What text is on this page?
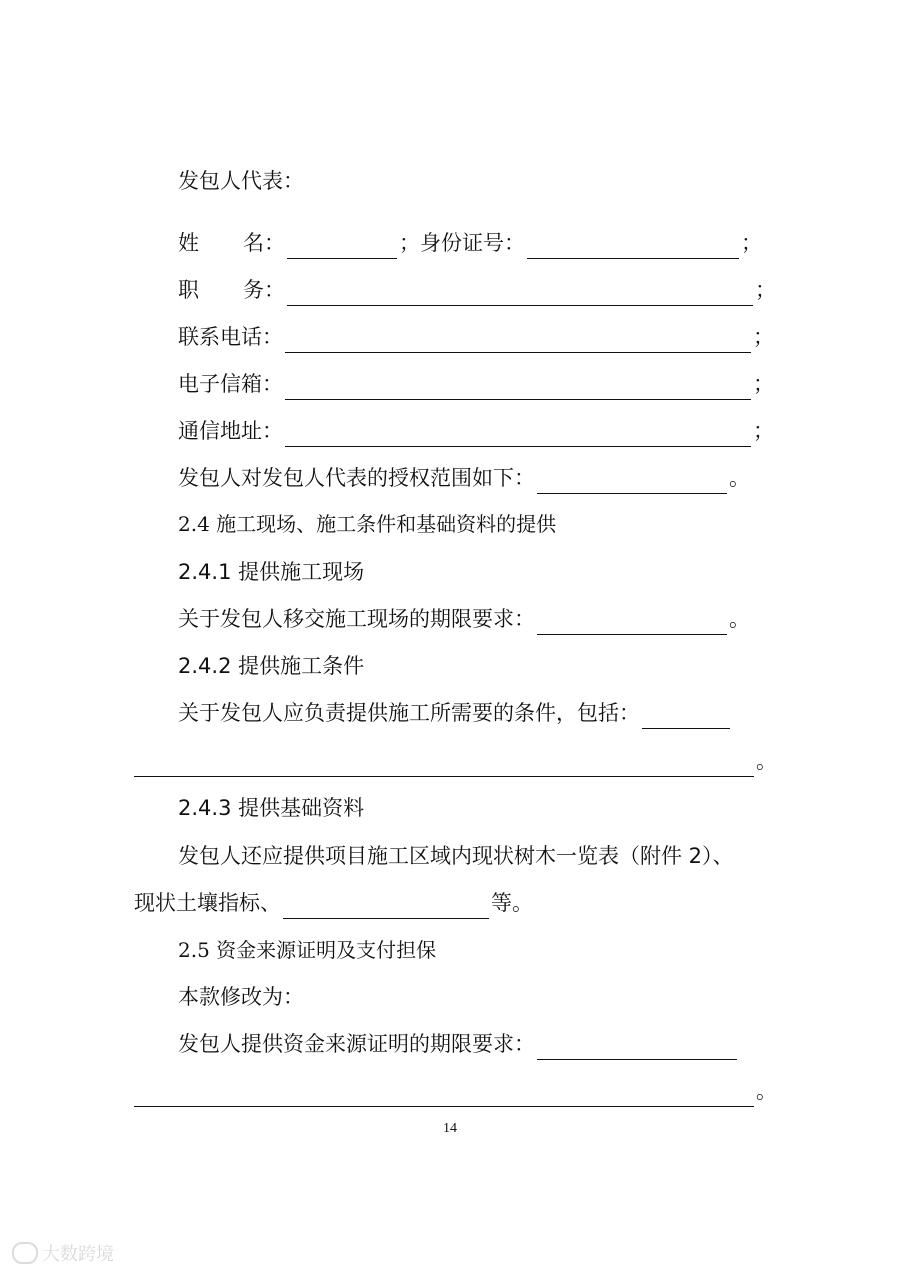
发包人代表：
姓 名：	； 身份证号：	；
职 务：	；
联系电话：	；
电子信箱：	；
通信地址：	；
发包人对发包人代表的授权范围如下：	。
2.4 施工现场、施工条件和基础资料的提供
2.4.1 提供施工现场
关于发包人移交施工现场的期限要求：	。
2.4.2 提供施工条件
关于发包人应负责提供施工所需要的条件，包括：
。
2.4.3 提供基础资料
发包人还应提供项目施工区域内现状树木一览表（附件 2）、
现状土壤指标、	等。
2.5 资金来源证明及支付担保
本款修改为：
发包人提供资金来源证明的期限要求：
。
14
大数跨境
